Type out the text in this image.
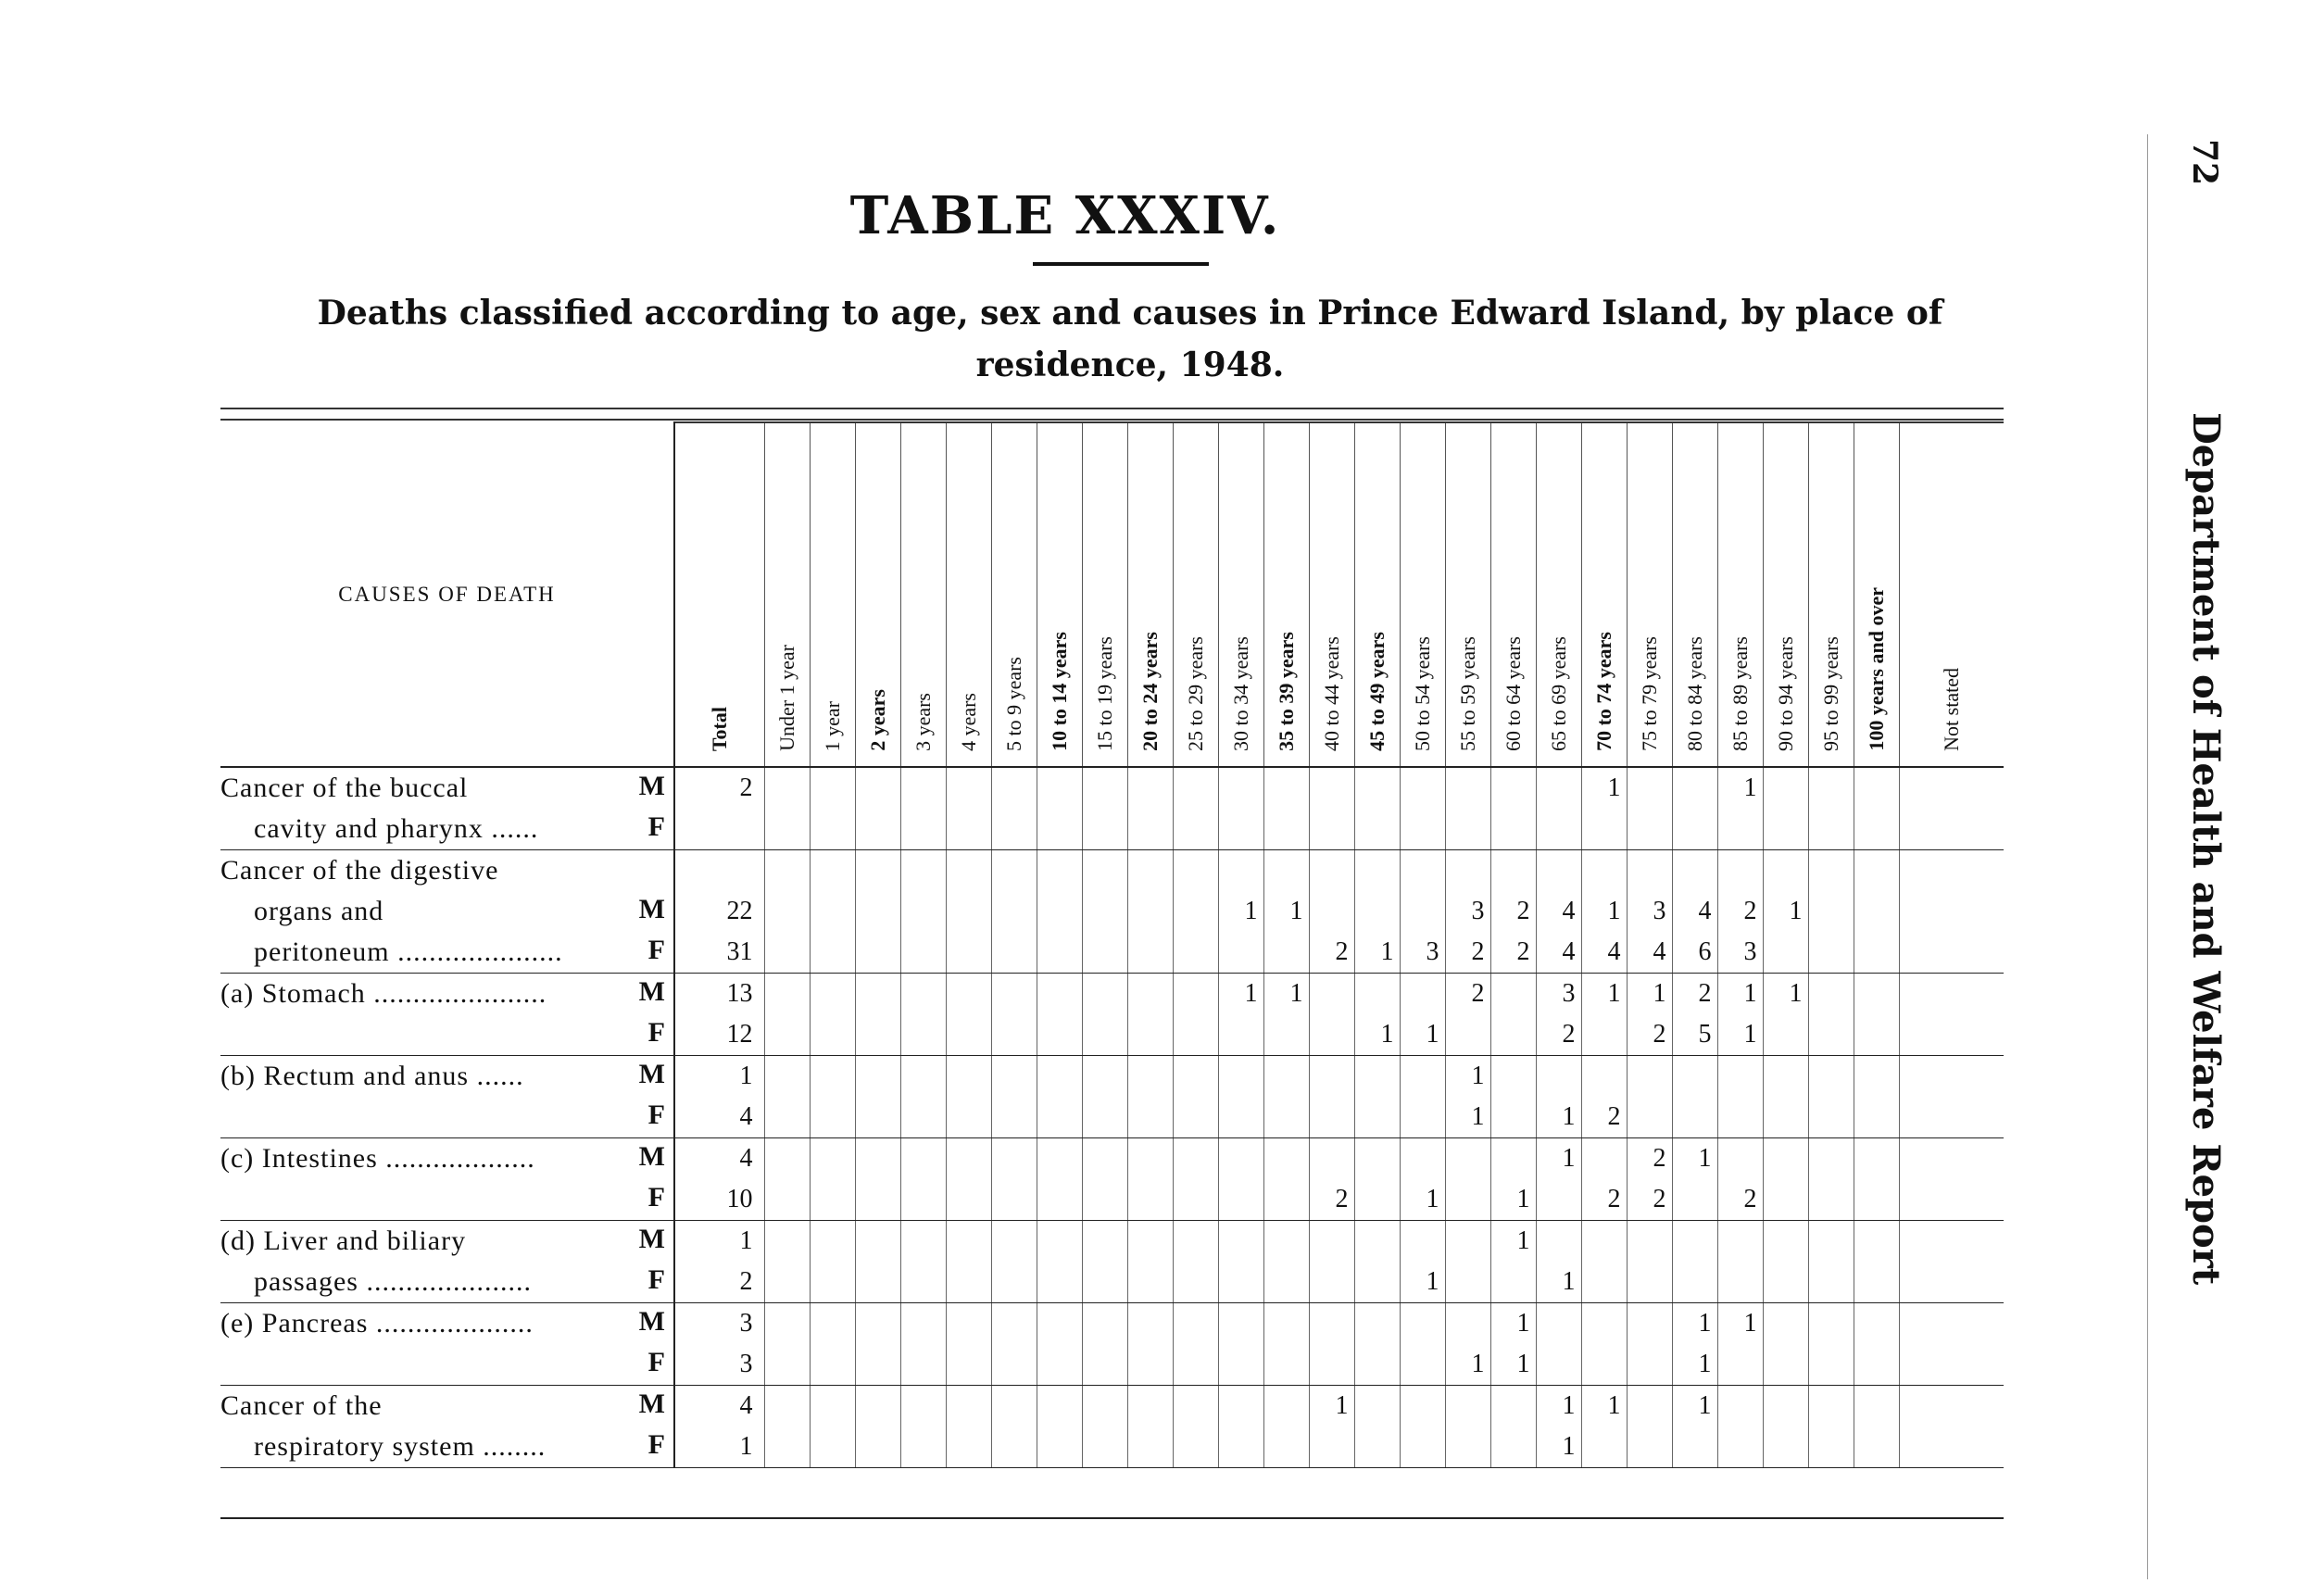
72Department of Health and Welfare Report
TABLE XXXIV.
Deaths classified according to age, sex and causes in Prince Edward Island, by place of
residence, 1948.
CAUSES OF DEATH	Total	Under 1 year	1 year	2 years	3 years	4 years	5 to 9 years	10 to 14 years	15 to 19 years	20 to 24 years	25 to 29 years	30 to 34 years	35 to 39 years	40 to 44 years	45 to 49 years	50 to 54 years	55 to 59 years	60 to 64 years	65 to 69 years	70 to 74 years	75 to 79 years	80 to 84 years	85 to 89 years	90 to 94 years	95 to 99 years	100 years and over	Not stated
Cancer of the buccal M	2																			1			1				
cavity and pharynx ...... F																											

Cancer of the digestive																											
organs and M	22											1	1				3	2	4	1	3	4	2	1			
peritoneum ..................... F	31													2	1	3	2	2	4	4	4	6	3				
(a) Stomach ...................... M	13											1	1				2		3	1	1	2	1	1			

F	12														1	1			2		2	5	1				
(b) Rectum and anus ...... M	1																1										

F	4																1		1	2							
(c) Intestines ................... M	4																		1		2	1					

F	10													2		1		1		2	2		2				
(d) Liver and biliary M	1																	1									
passages ..................... F	2															1			1								
(e) Pancreas .................... M	3																	1				1	1				

F	3																1	1				1					
Cancer of the M	4													1					1	1		1					
respiratory system ........ F	1																		1								
